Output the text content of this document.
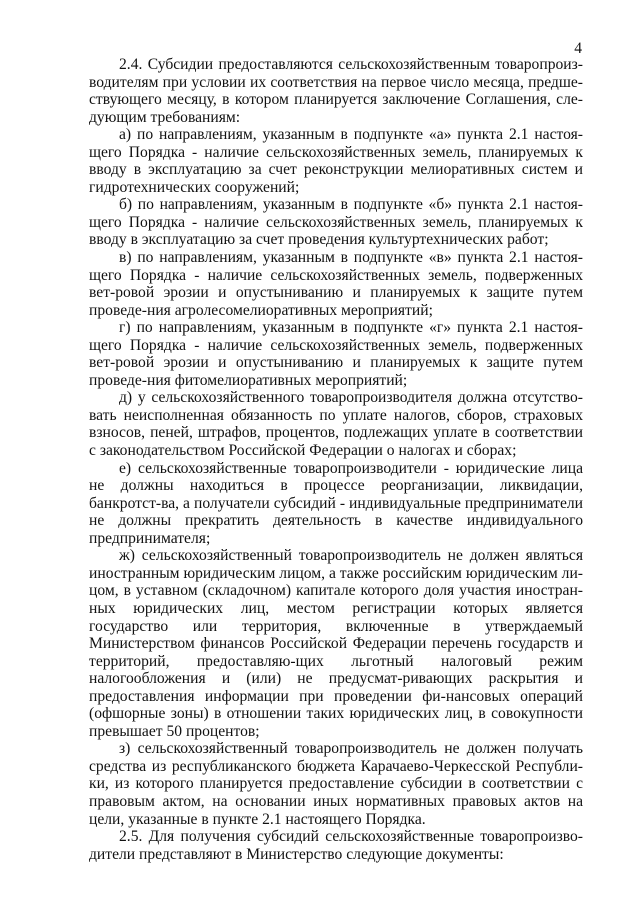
4

2.4. Субсидии предоставляются сельскохозяйственным товаропроиз-водителям при условии их соответствия на первое число месяца, предше-ствующего месяцу, в котором планируется заключение Соглашения, сле-дующим требованиям:

а) по направлениям, указанным в подпункте «а» пункта 2.1 настоя-щего Порядка - наличие сельскохозяйственных земель, планируемых к вводу в эксплуатацию за счет реконструкции мелиоративных систем и гидротехнических сооружений;

б) по направлениям, указанным в подпункте «б» пункта 2.1 настоя-щего Порядка - наличие сельскохозяйственных земель, планируемых к вводу в эксплуатацию за счет проведения культуртехнических работ;

в) по направлениям, указанным в подпункте «в» пункта 2.1 настоя-щего Порядка - наличие сельскохозяйственных земель, подверженных вет-ровой эрозии и опустыниванию и планируемых к защите путем проведе-ния агролесомелиоративных мероприятий;

г) по направлениям, указанным в подпункте «г» пункта 2.1 настоя-щего Порядка - наличие сельскохозяйственных земель, подверженных вет-ровой эрозии и опустыниванию и планируемых к защите путем проведе-ния фитомелиоративных мероприятий;

д) у сельскохозяйственного товаропроизводителя должна отсутство-вать неисполненная обязанность по уплате налогов, сборов, страховых взносов, пеней, штрафов, процентов, подлежащих уплате в соответствии с законодательством Российской Федерации о налогах и сборах;

е) сельскохозяйственные товаропроизводители - юридические лица не должны находиться в процессе реорганизации, ликвидации, банкротст-ва, а получатели субсидий - индивидуальные предприниматели не должны прекратить деятельность в качестве индивидуального предпринимателя;

ж) сельскохозяйственный товаропроизводитель не должен являться иностранным юридическим лицом, а также российским юридическим ли-цом, в уставном (складочном) капитале которого доля участия иностран-ных юридических лиц, местом регистрации которых является государство или территория, включенные в утверждаемый Министерством финансов Российской Федерации перечень государств и территорий, предоставляю-щих льготный налоговый режим налогообложения и (или) не предусмат-ривающих раскрытия и предоставления информации при проведении фи-нансовых операций (офшорные зоны) в отношении таких юридических лиц, в совокупности превышает 50 процентов;

з) сельскохозяйственный товаропроизводитель не должен получать средства из республиканского бюджета Карачаево-Черкесской Республи-ки, из которого планируется предоставление субсидии в соответствии с правовым актом, на основании иных нормативных правовых актов на цели, указанные в пункте 2.1 настоящего Порядка.

2.5. Для получения субсидий сельскохозяйственные товаропроизво-дители представляют в Министерство следующие документы:
